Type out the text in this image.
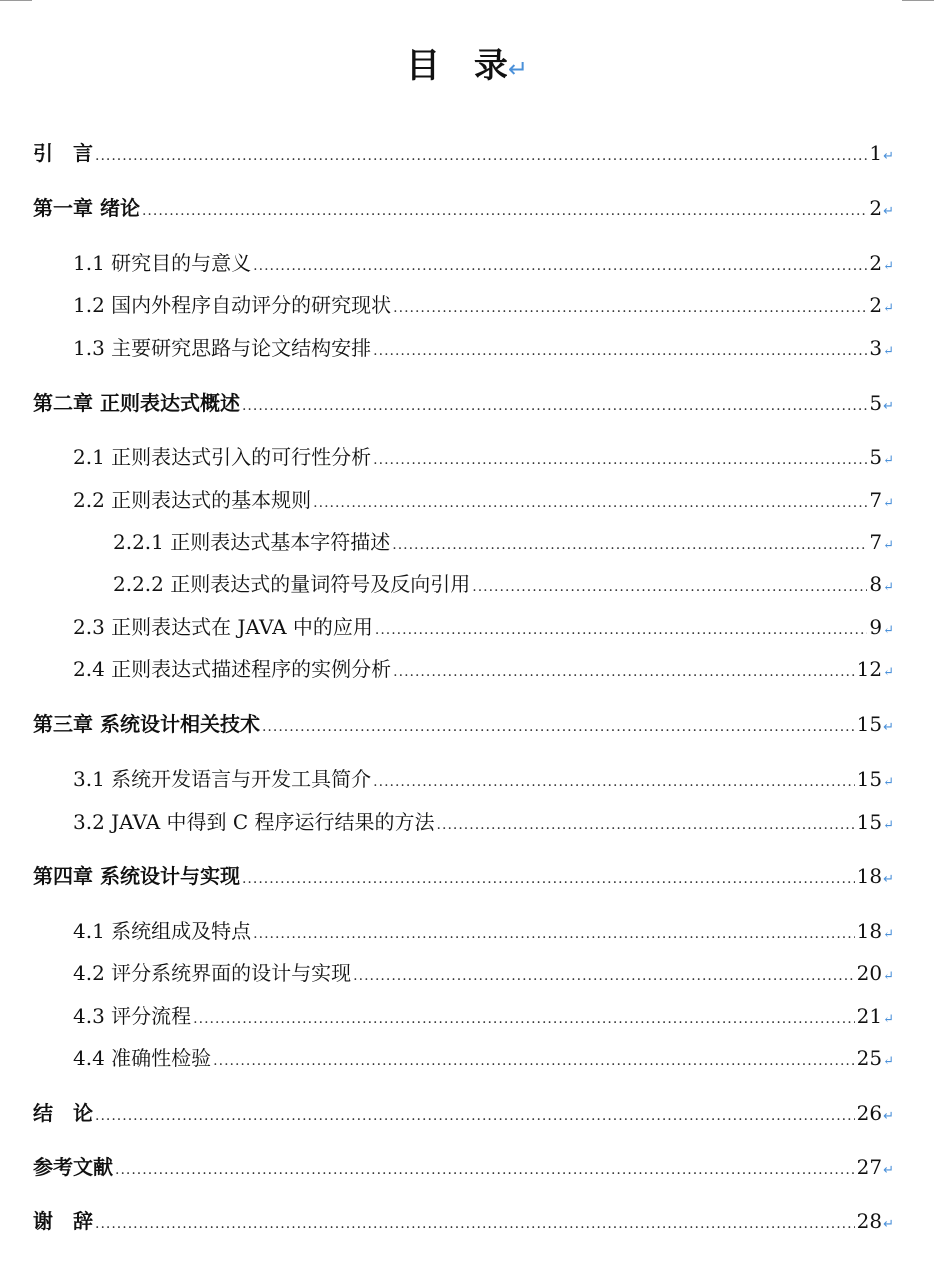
目　录↵
引　言 .....	1 ↵
第一章 绪论 .....	2 ↵
1.1 研究目的与意义 .....	2 ↵
1.2 国内外程序自动评分的研究现状 .....	2 ↵
1.3 主要研究思路与论文结构安排 .....	3 ↵
第二章 正则表达式概述 .....	5 ↵
2.1 正则表达式引入的可行性分析 .....	5 ↵
2.2 正则表达式的基本规则 .....	7 ↵
2.2.1 正则表达式基本字符描述 .....	7 ↵
2.2.2 正则表达式的量词符号及反向引用 .....	8 ↵
2.3 正则表达式在 JAVA 中的应用 .....	9 ↵
2.4 正则表达式描述程序的实例分析 .....	12 ↵
第三章 系统设计相关技术 .....	15 ↵
3.1 系统开发语言与开发工具简介 .....	15 ↵
3.2 JAVA 中得到 C 程序运行结果的方法 .....	15 ↵
第四章 系统设计与实现 .....	18 ↵
4.1 系统组成及特点 .....	18 ↵
4.2 评分系统界面的设计与实现 .....	20 ↵
4.3 评分流程 .....	21 ↵
4.4 准确性检验 .....	25 ↵
结　论 .....	26 ↵
参考文献 .....	27 ↵
谢　辞 .....	28 ↵
